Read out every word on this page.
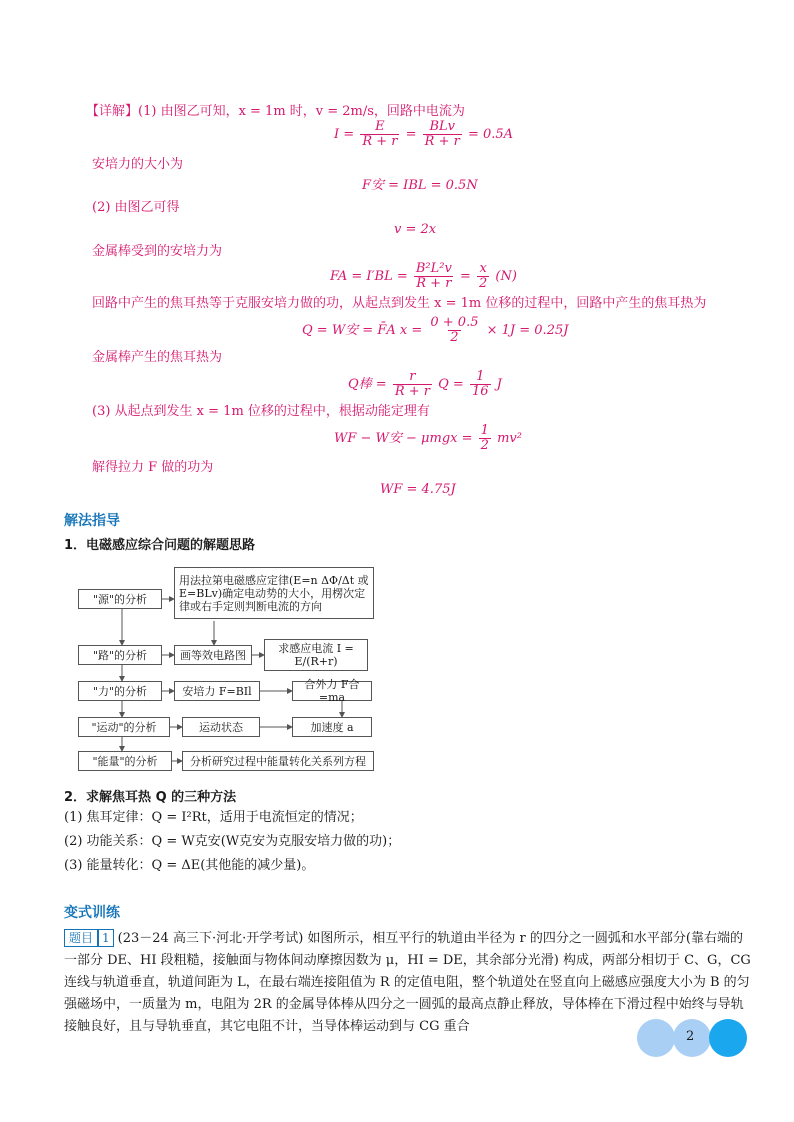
【详解】(1) 由图乙可知，x = 1m 时，v = 2m/s，回路中电流为
$I = \frac{E}{R + r} = \frac{\text{BLv}}{R + r} = 0.5A$
安培力的大小为
F安 = IBL = 0.5N
(2) 由图乙可得
v = 2x
金属棒受到的安培力为
FA = $I'BL = \frac{\text{B²L²v}}{R + r} = \frac{x}{2} (N)$
回路中产生的焦耳热等于克服安培力做的功，从起点到发生 x = 1m 位移的过程中，回路中产生的焦耳热为
Q = W安 = F̄A $x = \frac{0 + 0.5}{2} \times 1J = 0.25J$
金属棒产生的焦耳热为
Q棒 = $\frac{r}{R + r}$ $Q = \frac{1}{16}$ J
(3) 从起点到发生 x = 1m 位移的过程中，根据动能定理有
WF − W安 − $\mu mgx = \frac{1}{2} mv^2$
解得拉力 F 做的功为
WF = 4.75J
解法指导
1．电磁感应综合问题的解题思路
"源"的分析
用法拉第电磁感应定律(E=n ΔΦ/Δt 或
E=BLv)确定电动势的大小，用楞次定
律或右手定则判断电流的方向
"路"的分析	画等效电路图	求感应电流 I = E/(R+r)
"力"的分析	安培力 F=BIl	合外力 F合=ma
"运动"的分析	运动状态	加速度 a
"能量"的分析	分析研究过程中能量转化关系列方程
2．求解焦耳热 Q 的三种方法
(1) 焦耳定律：Q = I²Rt，适用于电流恒定的情况；
(2) 功能关系：Q = W克安(W克安为克服安培力做的功)；
(3) 能量转化：Q = ΔE(其他能的减少量)。
变式训练
题目 1 (23－24 高三下·河北·开学考试) 如图所示，相互平行的轨道由半径为 r 的四分之一圆弧和水平部分(靠右端的一部分 DE、HI 段粗糙，接触面与物体间动摩擦因数为 μ，HI = DE，其余部分光滑) 构成，两部分相切于 C、G，CG 连线与轨道垂直，轨道间距为 L，在最右端连接阻值为 R 的定值电阻，整个轨道处在竖直向上磁感应强度大小为 B 的匀强磁场中，一质量为 m，电阻为 2R 的金属导体棒从四分之一圆弧的最高点静止释放，导体棒在下滑过程中始终与导轨接触良好，且与导轨垂直，其它电阻不计，当导体棒运动到与 CG 重合
2
